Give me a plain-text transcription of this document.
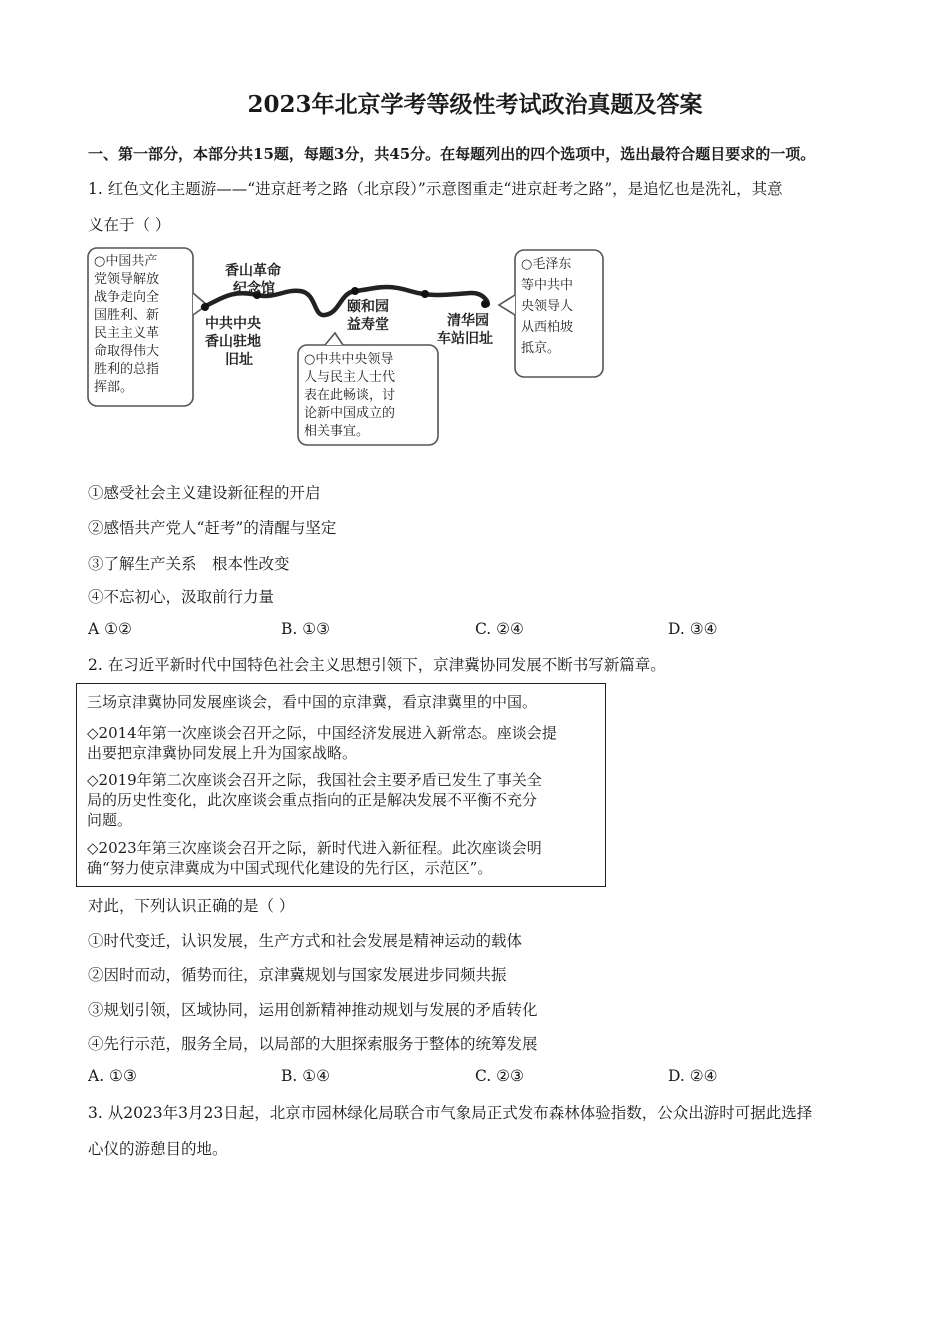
2023年北京学考等级性考试政治真题及答案
一、第一部分，本部分共15题，每题3分，共45分。在每题列出的四个选项中，选出最符合题目要求的一项。
1. 红色文化主题游——“进京赶考之路（北京段）”示意图重走“进京赶考之路”，是追忆也是洗礼，其意
义在于（ ）
○中国共产
党领导解放
战争走向全
国胜利、新
民主主义革
命取得伟大
胜利的总指
挥部。
香山革命
纪念馆
中共中央
香山驻地
旧址
颐和园
益寿堂	清华园
车站旧址
○中共中央领导
人与民主人士代
表在此畅谈，讨
论新中国成立的
相关事宜。
○毛泽东
等中共中
央领导人
从西柏坡
抵京。
①感受社会主义建设新征程的开启
②感悟共产党人“赶考”的清醒与坚定
③了解生产关系　根本性改变
④不忘初心，汲取前行力量
A ①②	B. ①③	C. ②④	D. ③④
2. 在习近平新时代中国特色社会主义思想引领下，京津冀协同发展不断书写新篇章。
三场京津冀协同发展座谈会，看中国的京津冀，看京津冀里的中国。
◇2014年第一次座谈会召开之际，中国经济发展进入新常态。座谈会提
出要把京津冀协同发展上升为国家战略。
◇2019年第二次座谈会召开之际，我国社会主要矛盾已发生了事关全
局的历史性变化，此次座谈会重点指向的正是解决发展不平衡不充分
问题。
◇2023年第三次座谈会召开之际，新时代进入新征程。此次座谈会明
确“努力使京津冀成为中国式现代化建设的先行区，示范区”。
对此，下列认识正确的是（ ）
①时代变迁，认识发展，生产方式和社会发展是精神运动的载体
②因时而动，循势而往，京津冀规划与国家发展进步同频共振
③规划引领，区域协同，运用创新精神推动规划与发展的矛盾转化
④先行示范，服务全局，以局部的大胆探索服务于整体的统筹发展
A. ①③	B. ①④	C. ②③	D. ②④
3. 从2023年3月23日起，北京市园林绿化局联合市气象局正式发布森林体验指数，公众出游时可据此选择
心仪的游憩目的地。
